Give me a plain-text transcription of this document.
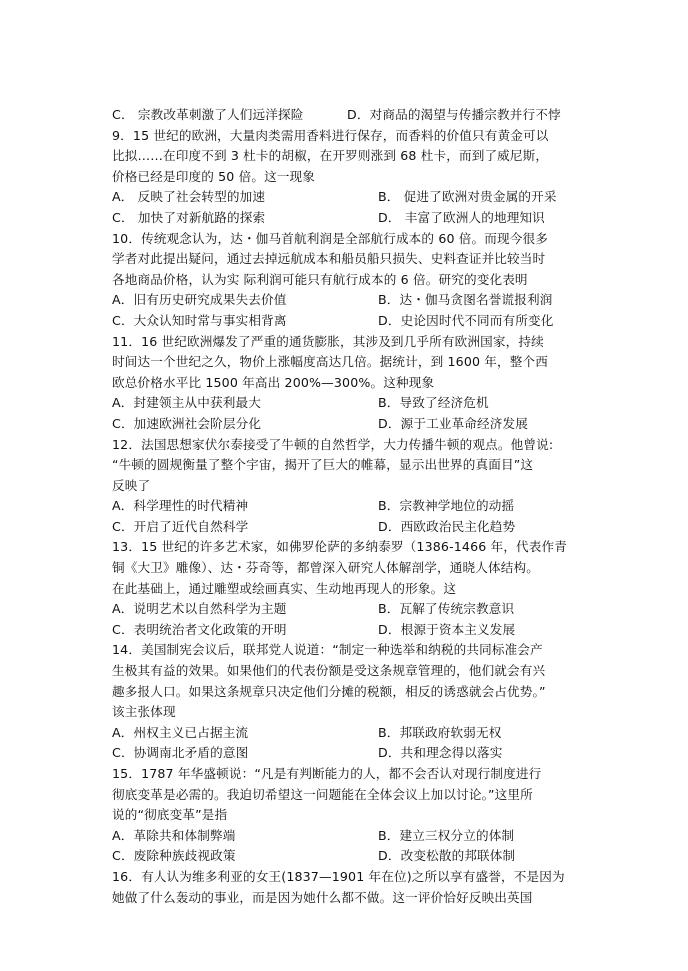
C． 宗教改革刺激了人们远洋探险	D．对商品的渴望与传播宗教并行不悖
9．15 世纪的欧洲，大量肉类需用香料进行保存，而香料的价值只有黄金可以
比拟……在印度不到 3 杜卡的胡椒，在开罗则涨到 68 杜卡，而到了威尼斯，
价格已经是印度的 50 倍。这一现象
A． 反映了社会转型的加速	B． 促进了欧洲对贵金属的开采
C． 加快了对新航路的探索	D． 丰富了欧洲人的地理知识
10．传统观念认为，达・伽马首航利润是全部航行成本的 60 倍。而现今很多
学者对此提出疑问，通过去掉远航成本和船员船只损失、史料查证并比较当时
各地商品价格，认为实 际利润可能只有航行成本的 6 倍。研究的变化表明
A．旧有历史研究成果失去价值	B．达・伽马贪图名誉谎报利润
C．大众认知时常与事实相背离	D．史论因时代不同而有所变化
11．16 世纪欧洲爆发了严重的通货膨胀，其涉及到几乎所有欧洲国家，持续
时间达一个世纪之久，物价上涨幅度高达几倍。据统计，到 1600 年，整个西
欧总价格水平比 1500 年高出 200%—300%。这种现象
A．封建领主从中获利最大	B．导致了经济危机
C．加速欧洲社会阶层分化	D．源于工业革命经济发展
12．法国思想家伏尔泰接受了牛顿的自然哲学，大力传播牛顿的观点。他曾说:
“牛顿的圆规衡量了整个宇宙，揭开了巨大的帷幕，显示出世界的真面目”这
反映了
A．科学理性的时代精神	B．宗教神学地位的动摇
C．开启了近代自然科学	D．西欧政治民主化趋势
13．15 世纪的许多艺术家，如佛罗伦萨的多纳泰罗（1386-1466 年，代表作青
铜《大卫》雕像）、达・芬奇等，都曾深入研究人体解剖学，通晓人体结构。
在此基础上，通过雕塑或绘画真实、生动地再现人的形象。这
A．说明艺术以自然科学为主题	B．瓦解了传统宗教意识
C．表明统治者文化政策的开明	D．根源于资本主义发展
14．美国制宪会议后，联邦党人说道：“制定一种选举和纳税的共同标准会产
生极其有益的效果。如果他们的代表份额是受这条规章管理的，他们就会有兴
趣多报人口。如果这条规章只决定他们分摊的税额，相反的诱惑就会占优势。”
该主张体现
A．州权主义已占据主流	B．邦联政府软弱无权
C．协调南北矛盾的意图	D．共和理念得以落实
15．1787 年华盛顿说：“凡是有判断能力的人，都不会否认对现行制度进行
彻底变革是必需的。我迫切希望这一问题能在全体会议上加以讨论。”这里所
说的“彻底变革”是指
A．革除共和体制弊端	B．建立三权分立的体制
C．废除种族歧视政策	D．改变松散的邦联体制
16．有人认为维多利亚的女王(1837—1901 年在位)之所以享有盛誉，不是因为
她做了什么轰动的事业，而是因为她什么都不做。这一评价恰好反映出英国
